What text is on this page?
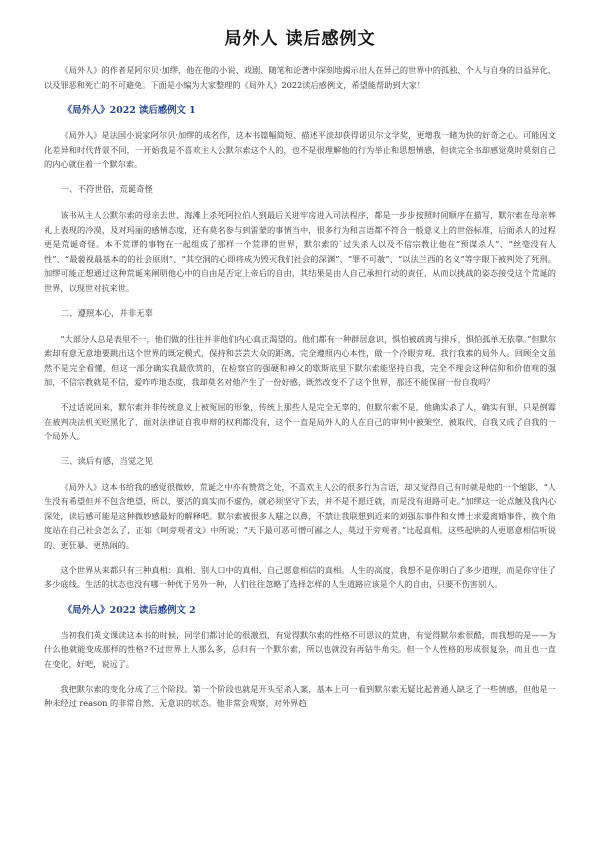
局外人 读后感例文

《局外人》的作者是阿尔贝·加缪，他在他的小说、戏剧、随笔和论著中深刻地揭示出人在异己的世界中的孤独、个人与自身的日益异化，以及罪恶和死亡的不可避免。下面是小编为大家整理的《局外人》2022读后感例文，希望能帮助到大家！

《局外人》2022 读后感例文 1

《局外人》是法国小说家阿尔贝·加缪的成名作，这本书篇幅简短、描述平淡却获得诺贝尔文学奖，更增我一睹为快的好奇之心。可能因文化差异和时代背景不同，一开始我是不喜欢主人公默尔索这个人的，也不是很理解他的行为举止和思想情感，但读完全书却感觉莫时莫刻自己的内心就住着一个默尔索。

一、不符世俗，荒诞奇怪

该书从主人公默尔索的母亲去世、海滩上杀死阿拉伯人到最后关进牢房进入司法程序，都是一步步按照时间顺序在描写，默尔索在母亲葬礼上表现的冷漠，及对玛丽的感情态度，还有莫名参与到雷蒙的事情当中，很多行为和言语都不符合一般意义上的世俗标准，后面杀人的过程更是荒诞奇怪。本不荒谬的事物在一起组成了那样一个荒谬的世界，默尔索的`过失杀人以及不信宗教让他在“预谋杀人”、“丝毫没有人性”、“最藐视最基本的的社会原则”、“其空洞的心即将成为毁灭我们社会的深渊”、“罪不可赦”、“以法兰西的名义”等字眼下被判处了死刑。加缪可能正想通过这种荒诞来阐明他心中的自由是否定上帝后的自由，其结果是由人自己承担行动的责任，从而以挑战的姿态接受这个荒诞的世界，以现世对抗来世。

二、遵照本心，并非无辜

“大部分人总是表里不一，他们做的往往并非他们内心真正渴望的。他们都有一种群居意识，惧怕被疏离与排斥，惧怕孤单无依靠。”但默尔索却有意无意地要跳出这个世界的既定模式，保持和芸芸大众的距离，完全遵照内心本性，做一个冷眼旁观、我行我素的局外人。回顾全文虽然不是完全看懂，但这一部分确实我最欣赏的，在检察官的强硬和神父的歇斯底里下默尔索能坚持自我，完全不理会这种信仰和价值观的强加，不信宗教就是不信，爱咋咋地态度，我却莫名对他产生了一份好感，既然改变不了这个世界，那还不能保留一份自我吗？

不过话说回来，默尔索并非传统意义上被冤屈的形象，传统上那些人是完全无辜的，但默尔索不是，他确实杀了人，确实有罪，只是倒霉在被判决法机关贬黑化了，面对法律证自我申辩的权利都没有，这个一直是局外人的人在自己的审判中被架空、被取代，自我又成了自我的一个局外人。

三、读后有感，当觉之见

《局外人》这本书给我的感觉很微妙，荒诞之中亦有赞赏之处，不喜欢主人公的很多行为言语，却又觉得自己有时就是他的一个缩影，“人生没有希望但并不包含绝望，所以，要活的真实而不虚伪，就必须坚守下去，并不是不愿迁就，而是没有退路可走。”加缪这一论点触及我内心深处，读后感可能是这种微妙感最好的解释吧。默尔索被很多人嗤之以鼻，不禁让我联想到近来的刘强东事件和女博士求爱离婚事件，换个角度站在自己社会怎么了，正如《呵旁观者文》中所说：“天下最可恶可憎可鄙之人，莫过于旁观者。”比起真相，这些起哄的人更愿意相信听说的、更狂暴、更热闹的。

这个世界从来都只有三种真相：真相、别人口中的真相、自己愿意相信的真相。人生的高度，我想不是你明白了多少道理，而是你守住了多少底线。生活的状态也没有哪一种优于另外一种，人们往往忽略了选择怎样的人生道路应该是个人的自由，只要不伤害别人。

《局外人》2022 读后感例文 2

当初我们英文课读这本书的时候，同学们都讨论的很激烈，有觉得默尔索的性格不可思议的荒唐，有觉得默尔索很酷，而我想的是——为什么他就能变成那样的性格?不过世界上人那么多，总归有一个默尔索，所以也就没有再钻牛角尖。但一个人性格的形成很复杂，而且也一直在变化，好吧，说远了。

我把默尔索的变化分成了三个阶段。第一个阶段也就是开头至杀人案，基本上可一看到默尔索无疑比起普通人缺乏了一些情感，但他是一种未经过 reason 的非常自然、无意识的状态。他非常会观察，对外界趋
